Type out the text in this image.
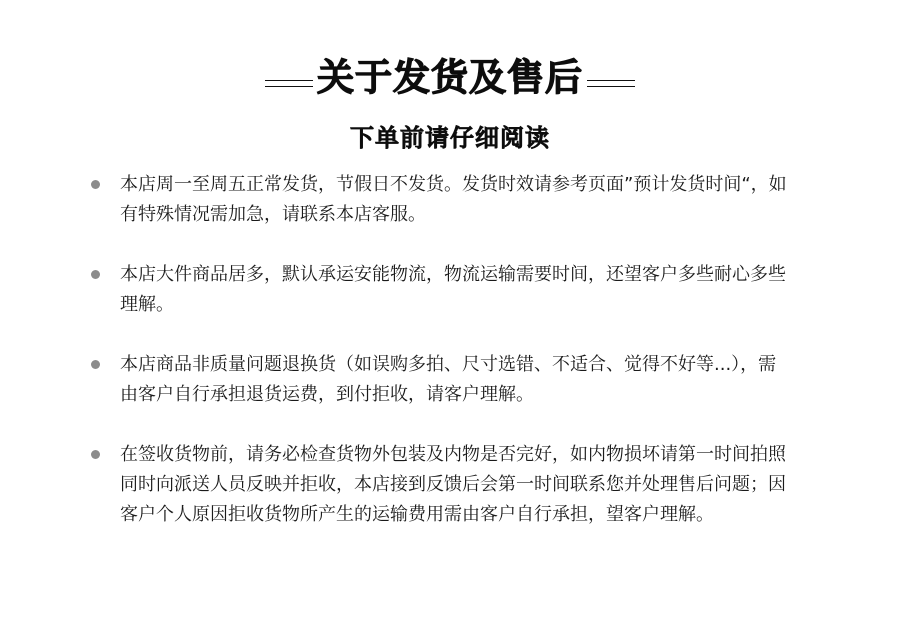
关于发货及售后
下单前请仔细阅读
本店周一至周五正常发货，节假日不发货。发货时效请参考页面”预计发货时间“，如有特殊情况需加急，请联系本店客服。
本店大件商品居多，默认承运安能物流，物流运输需要时间，还望客户多些耐心多些理解。
本店商品非质量问题退换货（如误购多拍、尺寸选错、不适合、觉得不好等...），需由客户自行承担退货运费，到付拒收，请客户理解。
在签收货物前，请务必检查货物外包装及内物是否完好，如内物损坏请第一时间拍照同时向派送人员反映并拒收，本店接到反馈后会第一时间联系您并处理售后问题；因客户个人原因拒收货物所产生的运输费用需由客户自行承担，望客户理解。
